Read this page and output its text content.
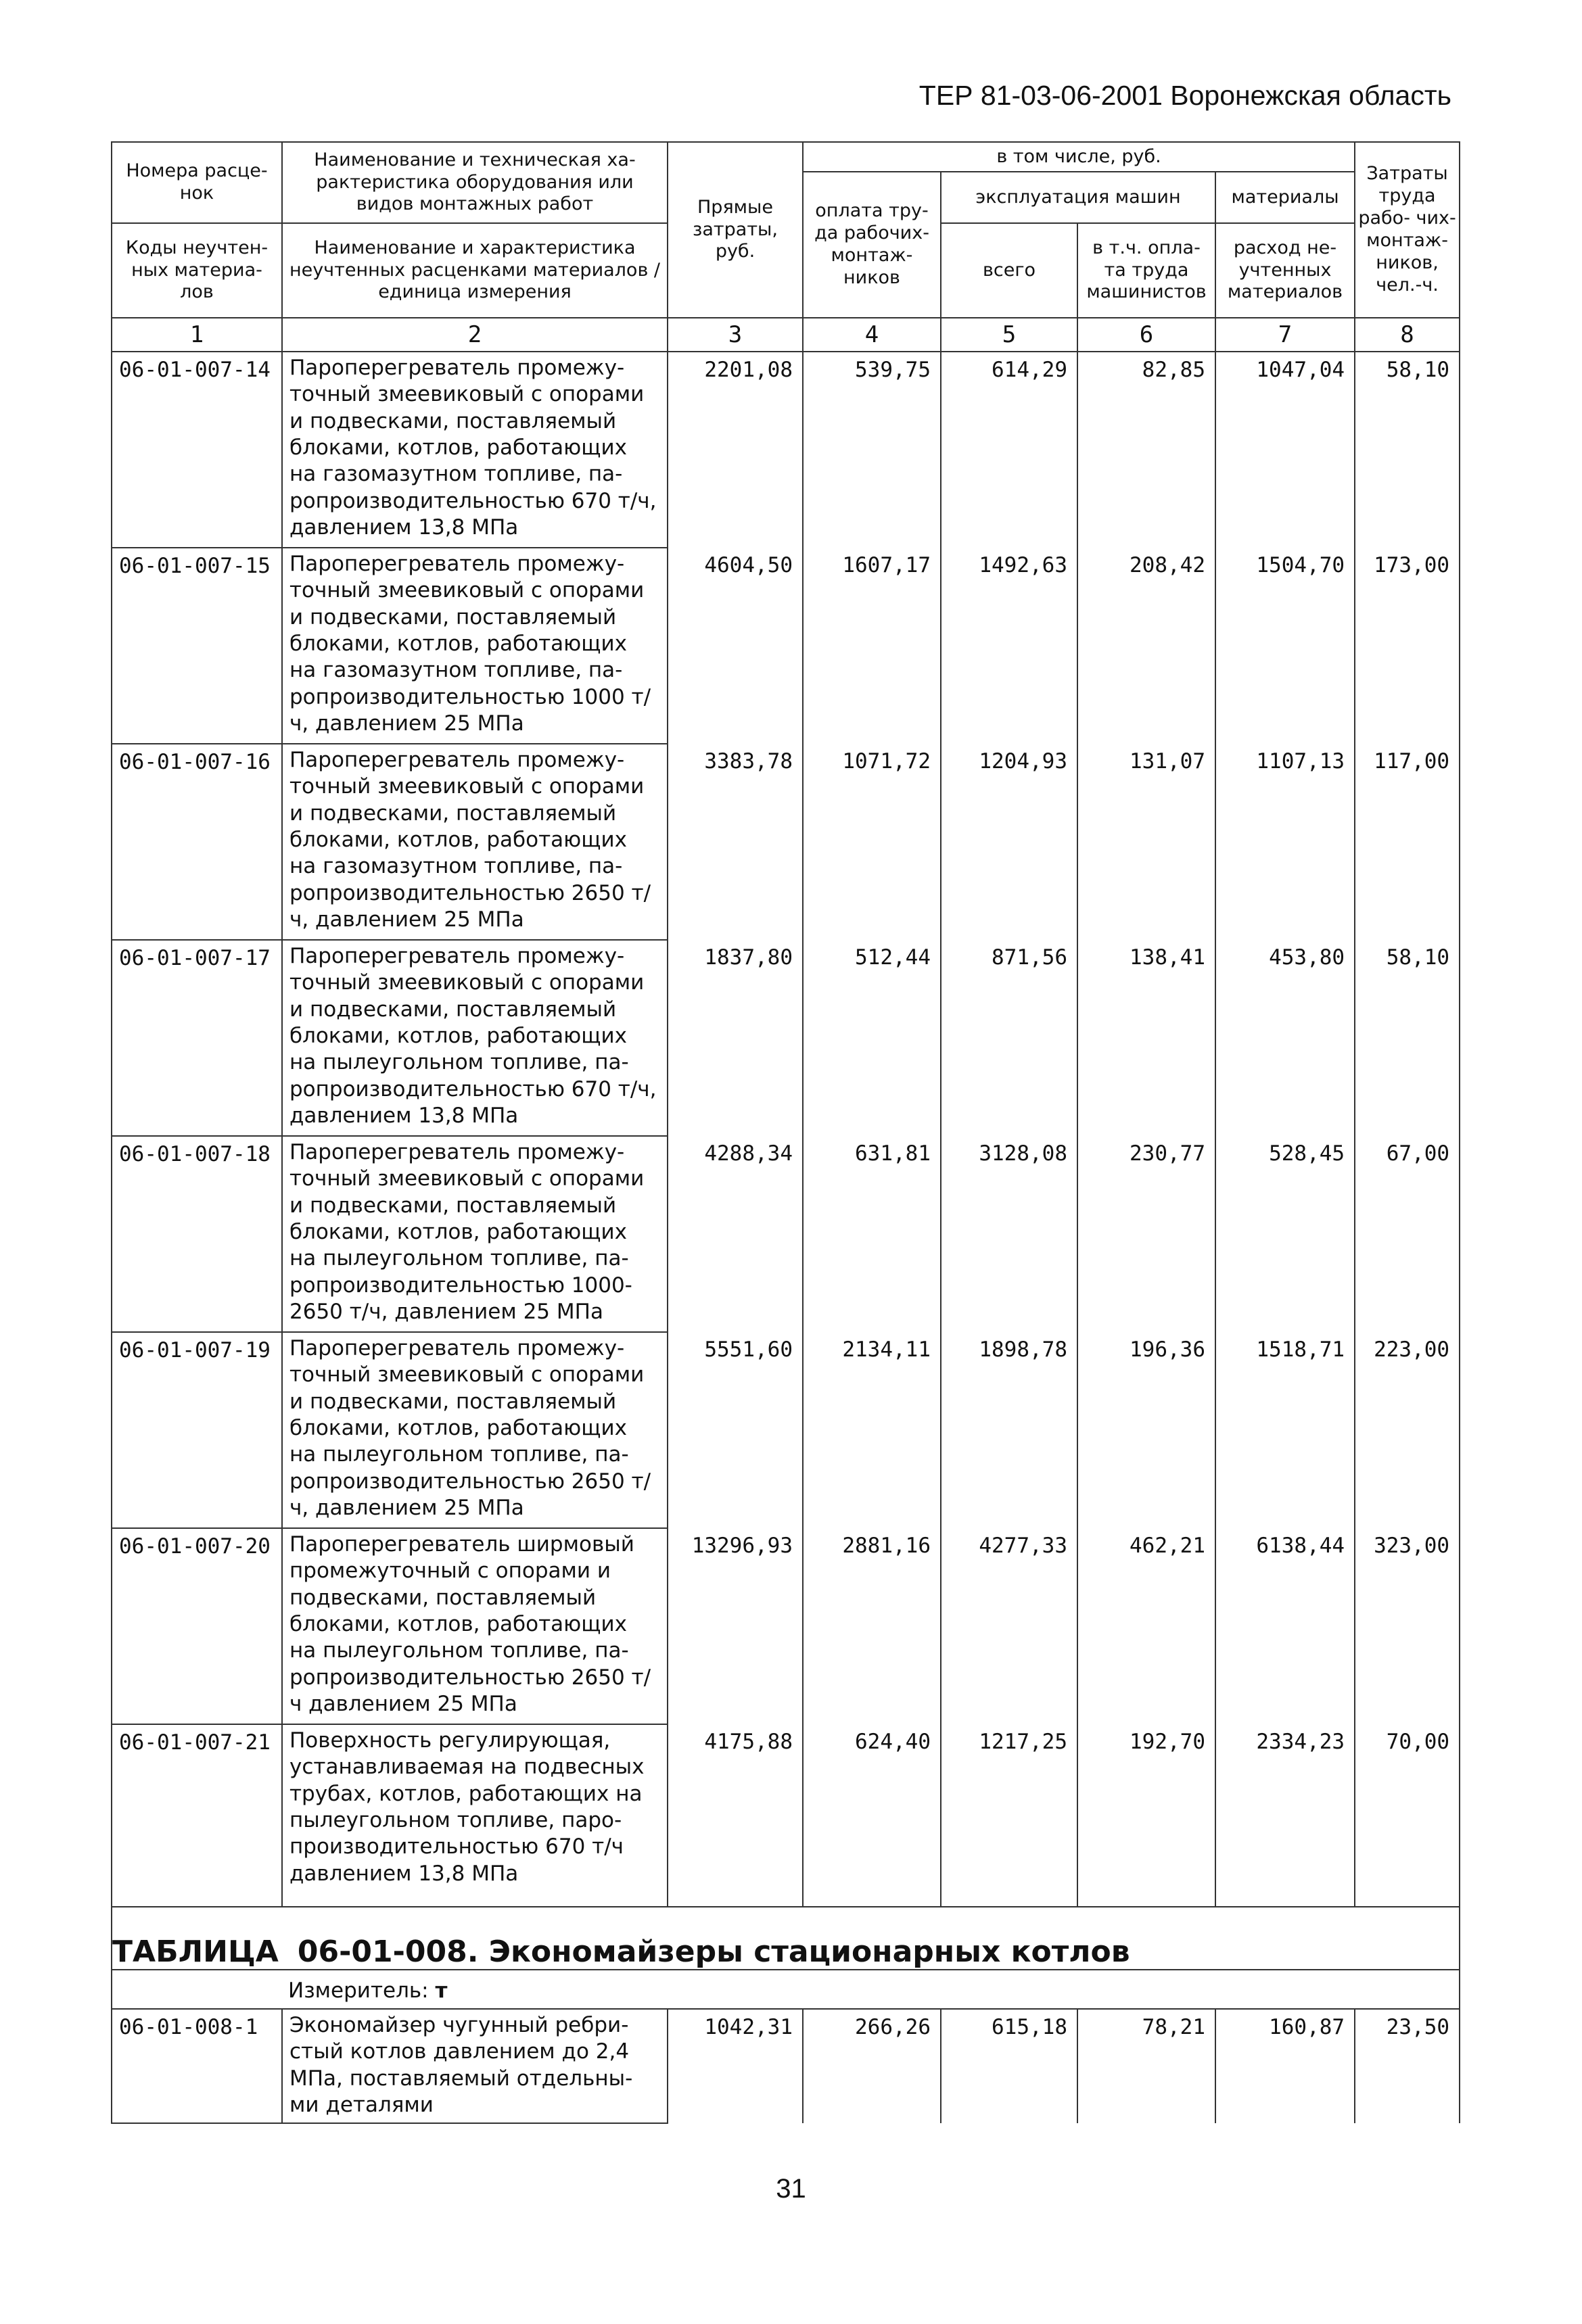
ТЕР 81-03-06-2001 Воронежская область
Номера расце- нок	Наименование и техническая ха- рактеристика оборудования или видов монтажных работ	Прямые затраты, руб.	в том числе, руб.				Затраты труда рабо- чих- монтаж- ников, чел.-ч.
			оплата тру- да рабочих- монтаж- ников	эксплуатация машин		материалы	
Коды неучтен- ных материа- лов	Наименование и характеристика неучтенных расценками материалов / единица измерения			всего	в т.ч. опла- та труда машинистов	расход не- учтенных материалов	

1	2	3	4	5	6	7	8
06-01-007-14	Пароперегреватель промежу- точный змеевиковый с опорами и подвесками, поставляемый блоками, котлов, работающих на газомазутном топливе, па- ропроизводительностью 670 т/ч, давлением 13,8 МПа	2201,08	539,75	614,29	82,85	1047,04	58,10
06-01-007-15	Пароперегреватель промежу- точный змеевиковый с опорами и подвесками, поставляемый блоками, котлов, работающих на газомазутном топливе, па- ропроизводительностью 1000 т/ч, давлением 25 МПа	4604,50	1607,17	1492,63	208,42	1504,70	173,00
06-01-007-16	Пароперегреватель промежу- точный змеевиковый с опорами и подвесками, поставляемый блоками, котлов, работающих на газомазутном топливе, па- ропроизводительностью 2650 т/ч, давлением 25 МПа	3383,78	1071,72	1204,93	131,07	1107,13	117,00
06-01-007-17	Пароперегреватель промежу- точный змеевиковый с опорами и подвесками, поставляемый блоками, котлов, работающих на пылеугольном топливе, па- ропроизводительностью 670 т/ч, давлением 13,8 МПа	1837,80	512,44	871,56	138,41	453,80	58,10
06-01-007-18	Пароперегреватель промежу- точный змеевиковый с опорами и подвесками, поставляемый блоками, котлов, работающих на пылеугольном топливе, па- ропроизводительностью 1000- 2650 т/ч, давлением 25 МПа	4288,34	631,81	3128,08	230,77	528,45	67,00
06-01-007-19	Пароперегреватель промежу- точный змеевиковый с опорами и подвесками, поставляемый блоками, котлов, работающих на пылеугольном топливе, па- ропроизводительностью 2650 т/ч, давлением 25 МПа	5551,60	2134,11	1898,78	196,36	1518,71	223,00
06-01-007-20	Пароперегреватель ширмовый промежуточный с опорами и подвесками, поставляемый блоками, котлов, работающих на пылеугольном топливе, па- ропроизводительностью 2650 т/ч давлением 25 МПа	13296,93	2881,16	4277,33	462,21	6138,44	323,00
06-01-007-21	Поверхность регулирующая, устанавливаемая на подвесных трубах, котлов, работающих на пылеугольном топливе, паро- производительностью 670 т/ч давлением 13,8 МПа	4175,88	624,40	1217,25	192,70	2334,23	70,00
ТАБЛИЦА 06-01-008. Экономайзеры стационарных котлов							
Измеритель: т							
06-01-008-1	Экономайзер чугунный ребри- стый котлов давлением до 2,4 МПа, поставляемый отдельны- ми деталями	1042,31	266,26	615,18	78,21	160,87	23,50
31
